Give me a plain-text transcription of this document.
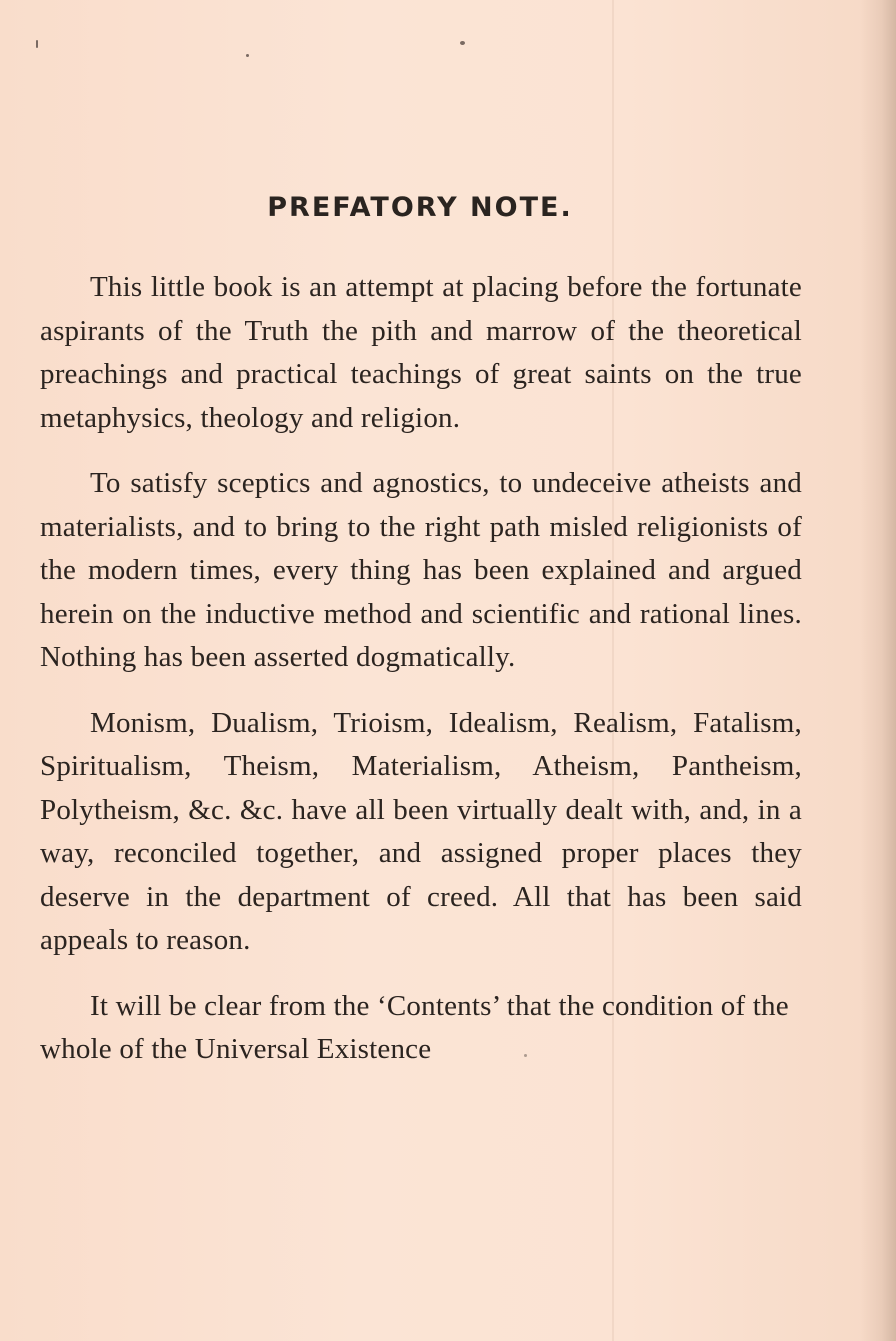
PREFATORY NOTE.

This little book is an attempt at placing before the fortunate aspirants of the Truth the pith and marrow of the theoretical preachings and practical teachings of great saints on the true metaphysics, theology and religion.

To satisfy sceptics and agnostics, to undeceive atheists and materialists, and to bring to the right path misled religionists of the modern times, every thing has been explained and argued herein on the inductive method and scientific and rational lines. Nothing has been asserted dogmatically.

Monism, Dualism, Trioism, Idealism, Realism, Fatalism, Spiritualism, Theism, Materialism, Atheism, Pantheism, Polytheism, &c. &c. have all been virtually dealt with, and, in a way, reconciled together, and assigned proper places they deserve in the department of creed. All that has been said appeals to reason.

It will be clear from the ‘Contents’ that the condition of the whole of the Universal Existence
